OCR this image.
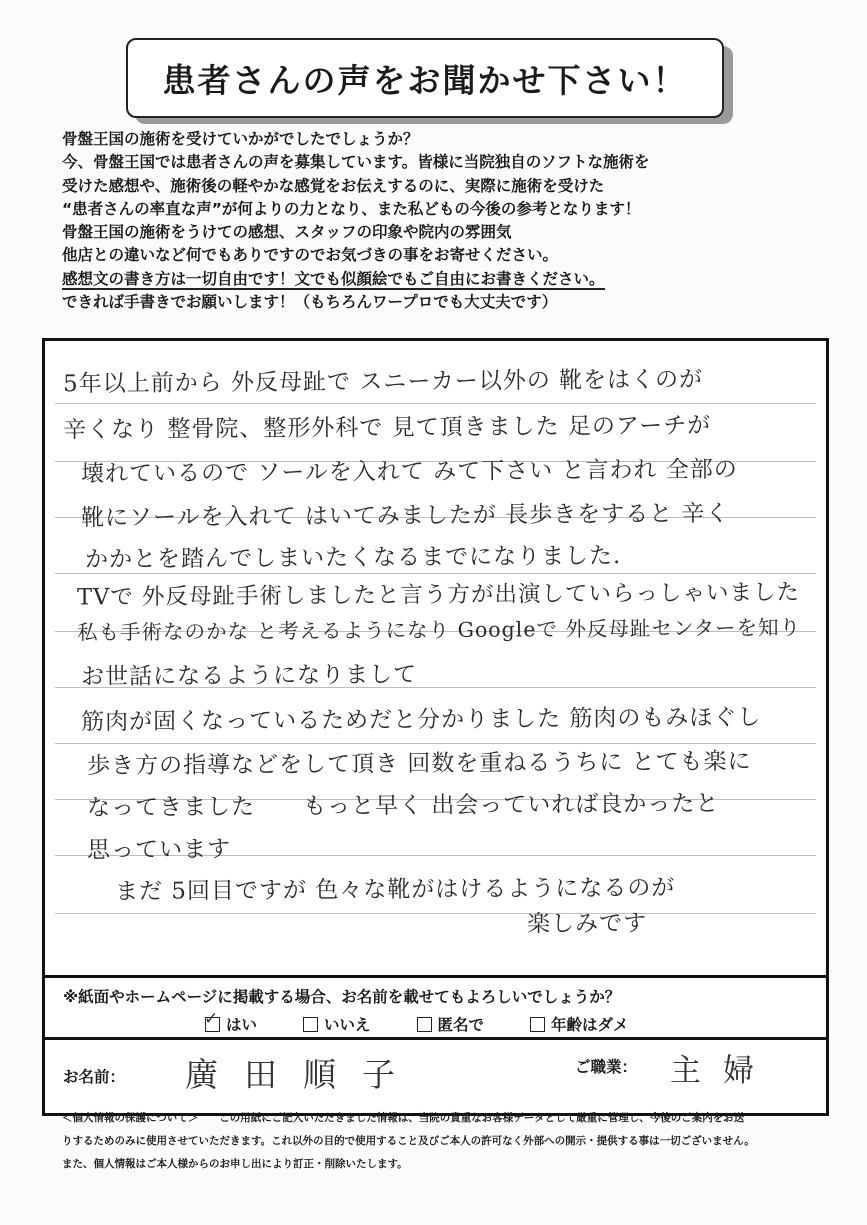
患者さんの声をお聞かせ下さい！
骨盤王国の施術を受けていかがでしたでしょうか？
今、骨盤王国では患者さんの声を募集しています。皆様に当院独自のソフトな施術を
受けた感想や、施術後の軽やかな感覚をお伝えするのに、実際に施術を受けた
“患者さんの率直な声”が何よりの力となり、また私どもの今後の参考となります！
骨盤王国の施術をうけての感想、スタッフの印象や院内の雰囲気
他店との違いなど何でもありですのでお気づきの事をお寄せください。
感想文の書き方は一切自由です！文でも似顔絵でもご自由にお書きください。
できれば手書きでお願いします！（もちろんワープロでも大丈夫です）
5年以上前から 外反母趾で スニーカー以外の 靴をはくのが
辛くなり 整骨院、整形外科で 見て頂きました 足のアーチが
壊れているので ソールを入れて みて下さい と言われ 全部の
靴にソールを入れて はいてみましたが 長歩きをすると 辛く
かかとを踏んでしまいたくなるまでになりました.
TVで 外反母趾手術しましたと言う方が出演していらっしゃいました
私も手術なのかな と考えるようになり Googleで 外反母趾センターを知り
お世話になるようになりまして
筋肉が固くなっているためだと分かりました 筋肉のもみほぐし
歩き方の指導などをして頂き 回数を重ねるうちに とても楽に
なってきました　　もっと早く 出会っていれば良かったと
思っています
まだ 5回目ですが 色々な靴がはけるようになるのが
楽しみです
※紙面やホームページに掲載する場合、お名前を載せてもよろしいでしょうか？
✓ はい	いいえ	匿名で	年齢はダメ
お名前： 廣田順子	ご職業： 主婦
＜個人情報の保護について＞　　この用紙にご記入いただきました情報は、当院の貴重なお客様データとして厳重に管理し、今後のご案内をお送
りするためのみに使用させていただきます。これ以外の目的で使用すること及びご本人の許可なく外部への開示・提供する事は一切ございません。
また、個人情報はご本人様からのお申し出により訂正・削除いたします。
